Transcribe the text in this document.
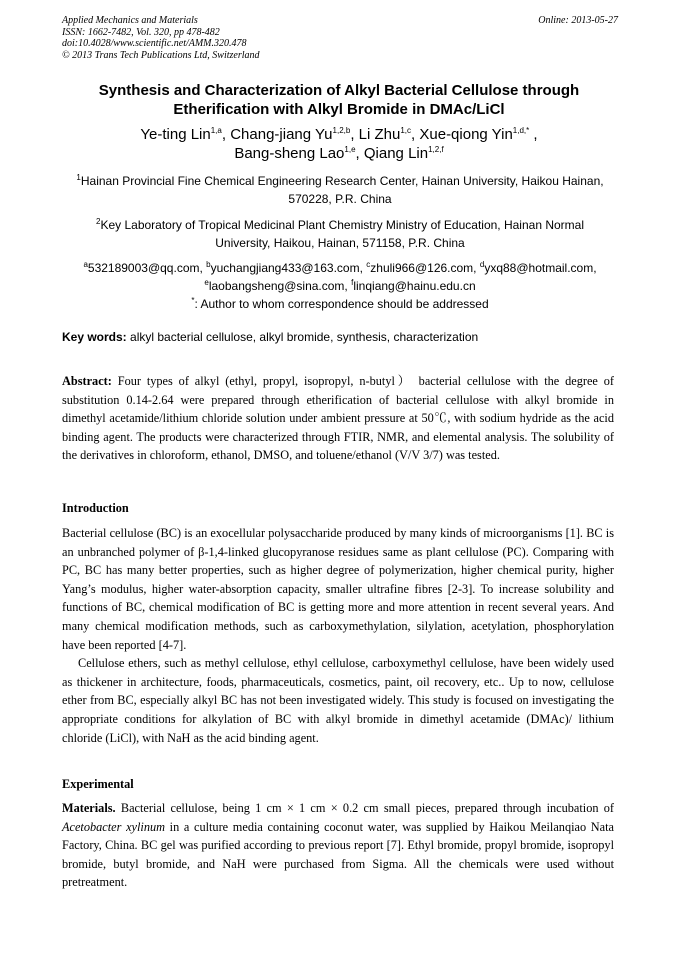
Applied Mechanics and Materials
ISSN: 1662-7482, Vol. 320, pp 478-482
doi:10.4028/www.scientific.net/AMM.320.478
© 2013 Trans Tech Publications Ltd, Switzerland
Online: 2013-05-27
Synthesis and Characterization of Alkyl Bacterial Cellulose through
Etherification with Alkyl Bromide in DMAc/LiCl
Ye-ting Lin$^{1,a}$, Chang-jiang Yu$^{1,2,b}$, Li Zhu$^{1,c}$, Xue-qiong Yin$^{1,d,*}$ ,
Bang-sheng Lao$^{1,e}$, Qiang Lin$^{1,2,f}$
$^1$Hainan Provincial Fine Chemical Engineering Research Center, Hainan University, Haikou Hainan,
570228, P.R. China
$^2$Key Laboratory of Tropical Medicinal Plant Chemistry Ministry of Education, Hainan Normal
University, Haikou, Hainan, 571158, P.R. China
$^a$532189003@qq.com, $^b$yuchangjiang433@163.com, $^c$zhuli966@126.com, $^d$yxq88@hotmail.com,
$^e$laobangsheng@sina.com, $^f$linqiang@hainu.edu.cn
*: Author to whom correspondence should be addressed
Key words: alkyl bacterial cellulose, alkyl bromide, synthesis, characterization
Abstract: Four types of alkyl (ethyl, propyl, isopropyl, n-butyl） bacterial cellulose with the degree of substitution 0.14-2.64 were prepared through etherification of bacterial cellulose with alkyl bromide in dimethyl acetamide/lithium chloride solution under ambient pressure at 50℃, with sodium hydride as the acid binding agent. The products were characterized through FTIR, NMR, and elemental analysis. The solubility of the derivatives in chloroform, ethanol, DMSO, and toluene/ethanol (V/V 3/7) was tested.
Introduction
Bacterial cellulose (BC) is an exocellular polysaccharide produced by many kinds of microorganisms [1]. BC is an unbranched polymer of β-1,4-linked glucopyranose residues same as plant cellulose (PC). Comparing with PC, BC has many better properties, such as higher degree of polymerization, higher chemical purity, higher Yang’s modulus, higher water-absorption capacity, smaller ultrafine fibres [2-3]. To increase solubility and functions of BC, chemical modification of BC is getting more and more attention in recent several years. And many chemical modification methods, such as carboxymethylation, silylation, acetylation, phosphorylation have been reported [4-7].
Cellulose ethers, such as methyl cellulose, ethyl cellulose, carboxymethyl cellulose, have been widely used as thickener in architecture, foods, pharmaceuticals, cosmetics, paint, oil recovery, etc.. Up to now, cellulose ether from BC, especially alkyl BC has not been investigated widely. This study is focused on investigating the appropriate conditions for alkylation of BC with alkyl bromide in dimethyl acetamide (DMAc)/ lithium chloride (LiCl), with NaH as the acid binding agent.
Experimental
Materials. Bacterial cellulose, being 1 cm × 1 cm × 0.2 cm small pieces, prepared through incubation of Acetobacter xylinum in a culture media containing coconut water, was supplied by Haikou Meilanqiao Nata Factory, China. BC gel was purified according to previous report [7]. Ethyl bromide, propyl bromide, isopropyl bromide, butyl bromide, and NaH were purchased from Sigma. All the chemicals were used without pretreatment.
